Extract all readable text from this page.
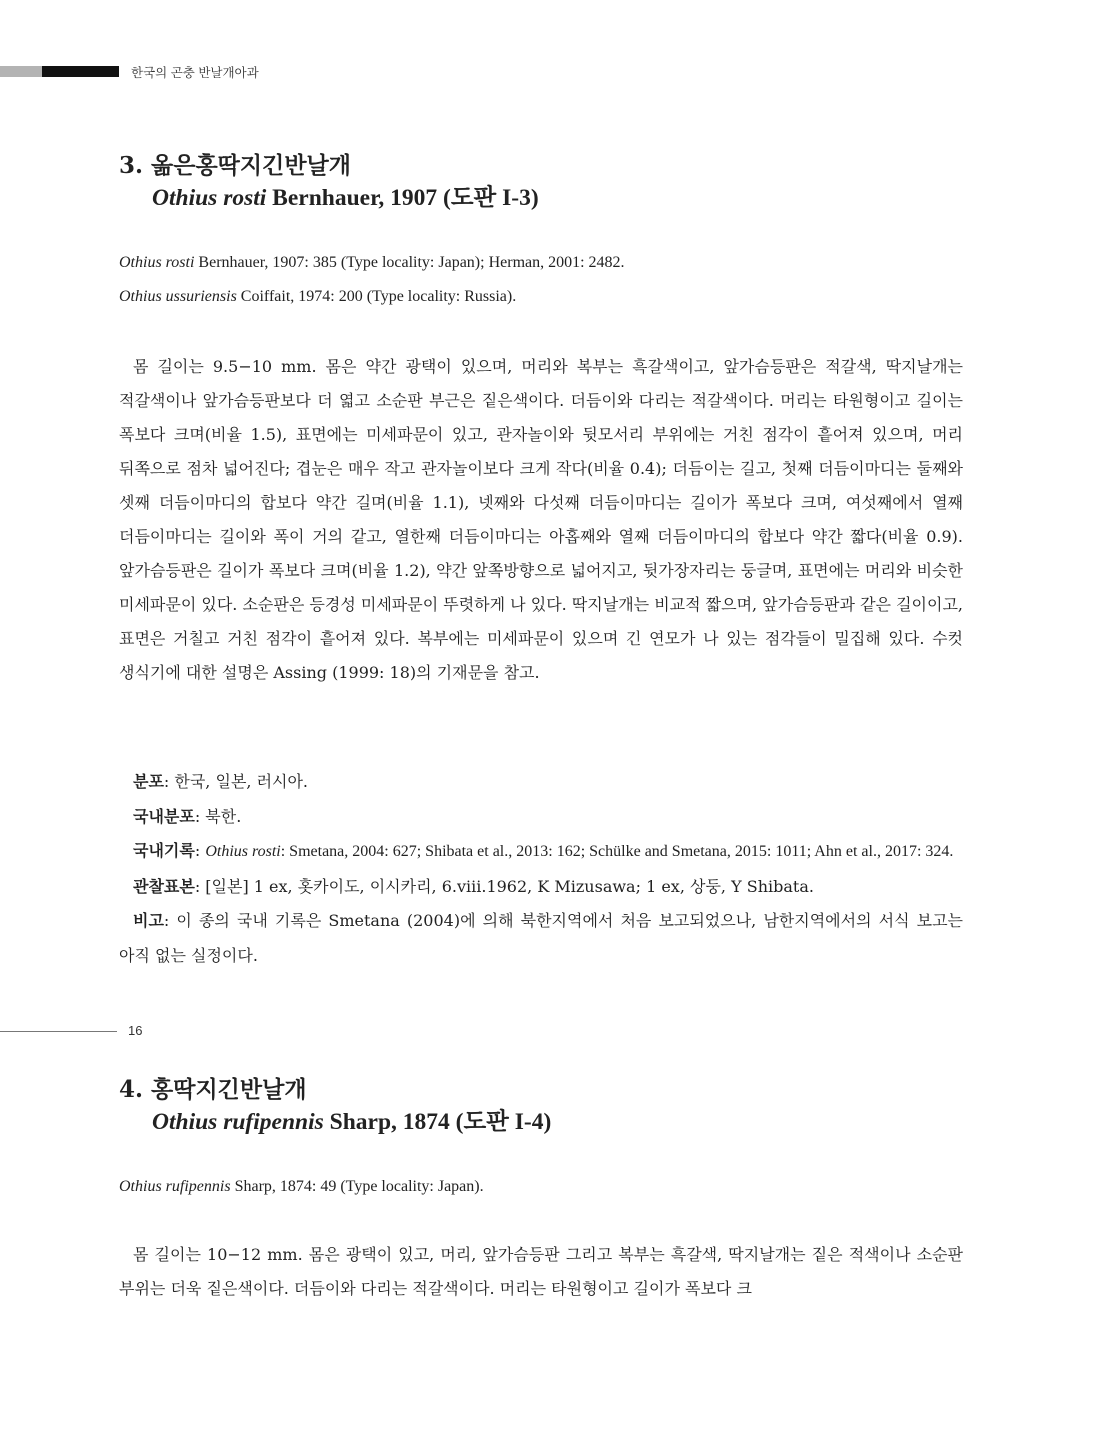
한국의 곤충 반날개아과
3. 옮은홍딱지긴반날개
Othius rosti Bernhauer, 1907 (도판 I-3)

Othius rosti Bernhauer, 1907: 385 (Type locality: Japan); Herman, 2001: 2482.

Othius ussuriensis Coiffait, 1974: 200 (Type locality: Russia).

몸 길이는 9.5−10 mm. 몸은 약간 광택이 있으며, 머리와 복부는 흑갈색이고, 앞가슴등판은 적갈색, 딱지날개는 적갈색이나 앞가슴등판보다 더 엷고 소순판 부근은 짙은색이다. 더듬이와 다리는 적갈색이다. 머리는 타원형이고 길이는 폭보다 크며(비율 1.5), 표면에는 미세파문이 있고, 관자놀이와 뒷모서리 부위에는 거친 점각이 흩어져 있으며, 머리 뒤쪽으로 점차 넓어진다; 겹눈은 매우 작고 관자놀이보다 크게 작다(비율 0.4); 더듬이는 길고, 첫째 더듬이마디는 둘째와 셋째 더듬이마디의 합보다 약간 길며(비율 1.1), 넷째와 다섯째 더듬이마디는 길이가 폭보다 크며, 여섯째에서 열째 더듬이마디는 길이와 폭이 거의 같고, 열한째 더듬이마디는 아홉째와 열째 더듬이마디의 합보다 약간 짧다(비율 0.9). 앞가슴등판은 길이가 폭보다 크며(비율 1.2), 약간 앞쪽방향으로 넓어지고, 뒷가장자리는 둥글며, 표면에는 머리와 비슷한 미세파문이 있다. 소순판은 등경성 미세파문이 뚜렷하게 나 있다. 딱지날개는 비교적 짧으며, 앞가슴등판과 같은 길이이고, 표면은 거칠고 거친 점각이 흩어져 있다. 복부에는 미세파문이 있으며 긴 연모가 나 있는 점각들이 밀집해 있다. 수컷 생식기에 대한 설명은 Assing (1999: 18)의 기재문을 참고.

분포: 한국, 일본, 러시아.

국내분포: 북한.

국내기록: Othius rosti: Smetana, 2004: 627; Shibata et al., 2013: 162; Schülke and Smetana, 2015: 1011; Ahn et al., 2017: 324.

관찰표본: [일본] 1 ex, 홋카이도, 이시카리, 6.viii.1962, K Mizusawa; 1 ex, 상둥, Y Shibata.

비고: 이 종의 국내 기록은 Smetana (2004)에 의해 북한지역에서 처음 보고되었으나, 남한지역에서의 서식 보고는 아직 없는 실정이다.

4. 홍딱지긴반날개
Othius rufipennis Sharp, 1874 (도판 I-4)

Othius rufipennis Sharp, 1874: 49 (Type locality: Japan).

몸 길이는 10−12 mm. 몸은 광택이 있고, 머리, 앞가슴등판 그리고 복부는 흑갈색, 딱지날개는 짙은 적색이나 소순판 부위는 더욱 짙은색이다. 더듬이와 다리는 적갈색이다. 머리는 타원형이고 길이가 폭보다 크

16
